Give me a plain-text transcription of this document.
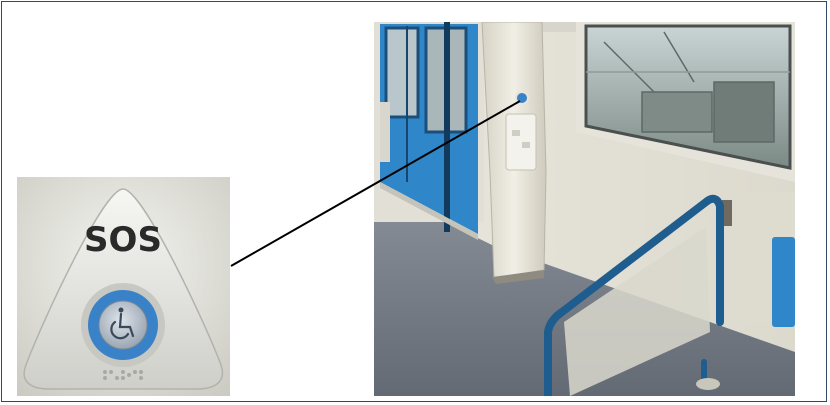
SOS
